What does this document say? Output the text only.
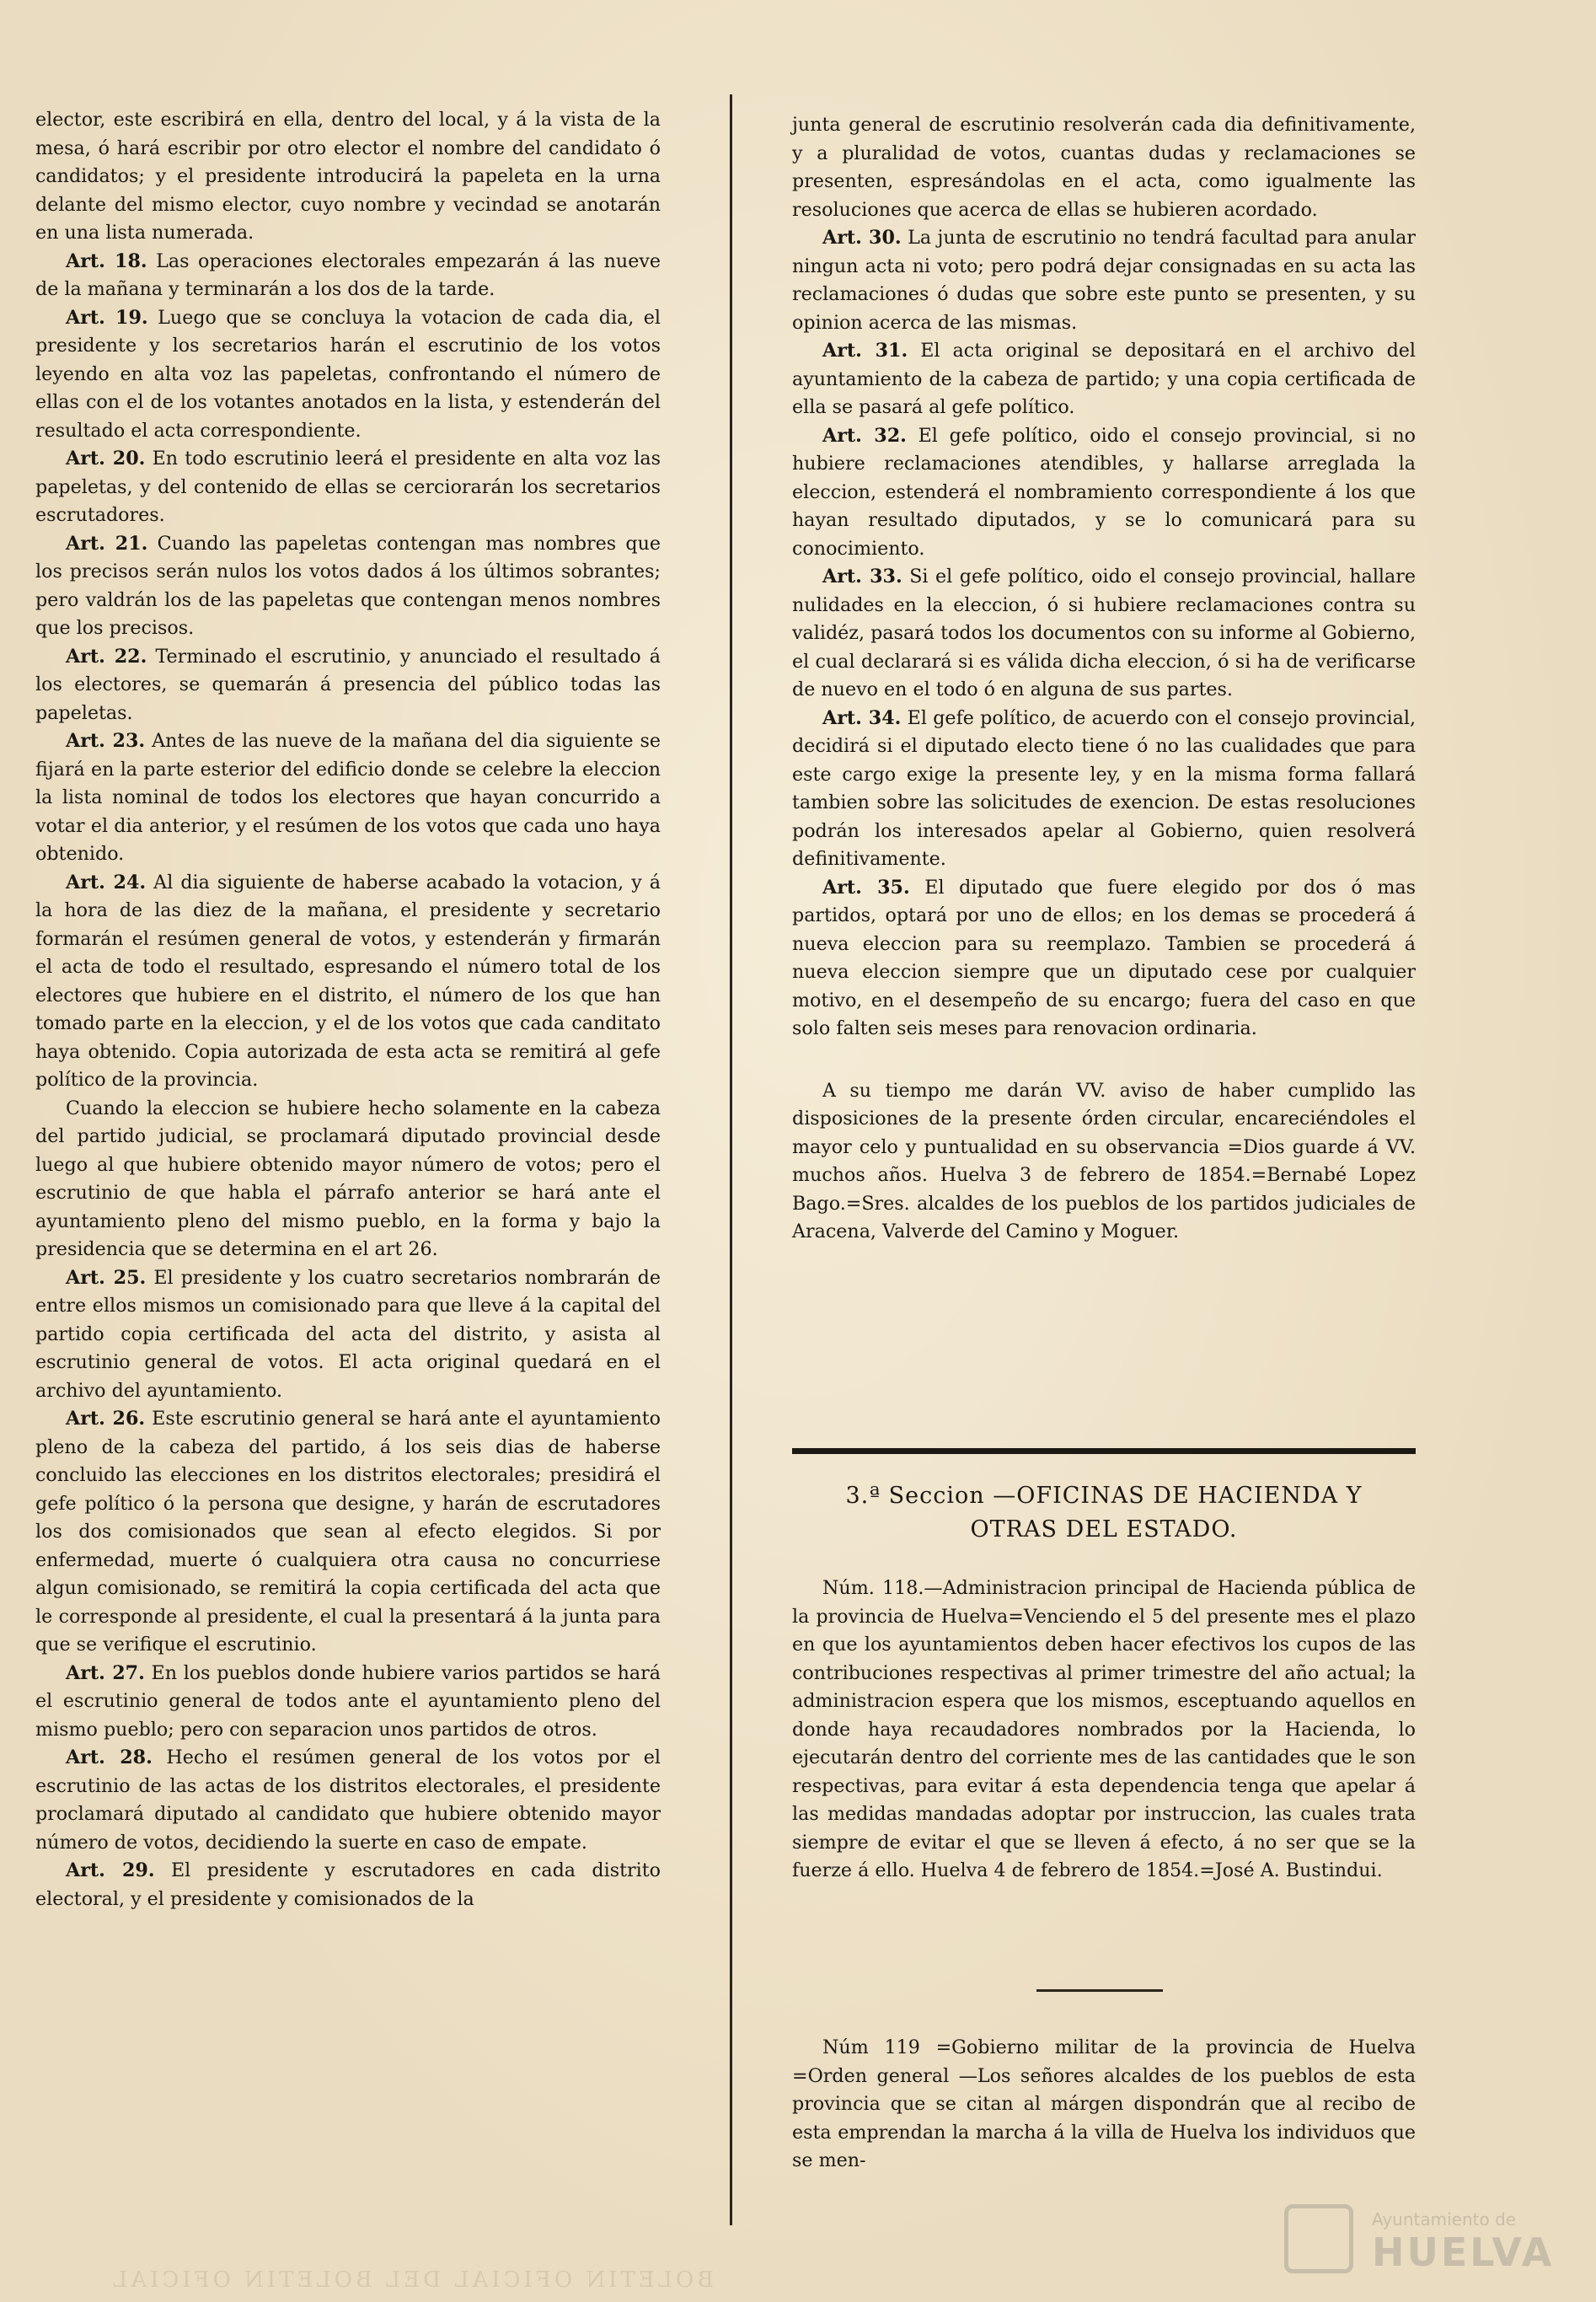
BOLETIN OFICIAL DEL BOLETIN OFICIAL

elector, este escribirá en ella, dentro del local, y á la vista de la mesa, ó hará escribir por otro elector el nombre del candidato ó candidatos; y el presidente introducirá la papeleta en la urna delante del mismo elector, cuyo nombre y vecindad se anotarán en una lista numerada.

Art. 18. Las operaciones electorales empezarán á las nueve de la mañana y terminarán a los dos de la tarde.

Art. 19. Luego que se concluya la votacion de cada dia, el presidente y los secretarios harán el escrutinio de los votos leyendo en alta voz las papeletas, confrontando el número de ellas con el de los votantes anotados en la lista, y estenderán del resultado el acta correspondiente.

Art. 20. En todo escrutinio leerá el presidente en alta voz las papeletas, y del contenido de ellas se cerciorarán los secretarios escrutadores.

Art. 21. Cuando las papeletas contengan mas nombres que los precisos serán nulos los votos dados á los últimos sobrantes; pero valdrán los de las papeletas que contengan menos nombres que los precisos.

Art. 22. Terminado el escrutinio, y anunciado el resultado á los electores, se quemarán á presencia del público todas las papeletas.

Art. 23. Antes de las nueve de la mañana del dia siguiente se fijará en la parte esterior del edificio donde se celebre la eleccion la lista nominal de todos los electores que hayan concurrido a votar el dia anterior, y el resúmen de los votos que cada uno haya obtenido.

Art. 24. Al dia siguiente de haberse acabado la votacion, y á la hora de las diez de la mañana, el presidente y secretario formarán el resúmen general de votos, y estenderán y firmarán el acta de todo el resultado, espresando el número total de los electores que hubiere en el distrito, el número de los que han tomado parte en la eleccion, y el de los votos que cada canditato haya obtenido. Copia autorizada de esta acta se remitirá al gefe político de la provincia.

Cuando la eleccion se hubiere hecho solamente en la cabeza del partido judicial, se proclamará diputado provincial desde luego al que hubiere obtenido mayor número de votos; pero el escrutinio de que habla el párrafo anterior se hará ante el ayuntamiento pleno del mismo pueblo, en la forma y bajo la presidencia que se determina en el art 26.

Art. 25. El presidente y los cuatro secretarios nombrarán de entre ellos mismos un comisionado para que lleve á la capital del partido copia certificada del acta del distrito, y asista al escrutinio general de votos. El acta original quedará en el archivo del ayuntamiento.

Art. 26. Este escrutinio general se hará ante el ayuntamiento pleno de la cabeza del partido, á los seis dias de haberse concluido las elecciones en los distritos electorales; presidirá el gefe político ó la persona que designe, y harán de escrutadores los dos comisionados que sean al efecto elegidos. Si por enfermedad, muerte ó cualquiera otra causa no concurriese algun comisionado, se remitirá la copia certificada del acta que le corresponde al presidente, el cual la presentará á la junta para que se verifique el escrutinio.

Art. 27. En los pueblos donde hubiere varios partidos se hará el escrutinio general de todos ante el ayuntamiento pleno del mismo pueblo; pero con separacion unos partidos de otros.

Art. 28. Hecho el resúmen general de los votos por el escrutinio de las actas de los distritos electorales, el presidente proclamará diputado al candidato que hubiere obtenido mayor número de votos, decidiendo la suerte en caso de empate.

Art. 29. El presidente y escrutadores en cada distrito electoral, y el presidente y comisionados de la

junta general de escrutinio resolverán cada dia definitivamente, y a pluralidad de votos, cuantas dudas y reclamaciones se presenten, espresándolas en el acta, como igualmente las resoluciones que acerca de ellas se hubieren acordado.

Art. 30. La junta de escrutinio no tendrá facultad para anular ningun acta ni voto; pero podrá dejar consignadas en su acta las reclamaciones ó dudas que sobre este punto se presenten, y su opinion acerca de las mismas.

Art. 31. El acta original se depositará en el archivo del ayuntamiento de la cabeza de partido; y una copia certificada de ella se pasará al gefe político.

Art. 32. El gefe político, oido el consejo provincial, si no hubiere reclamaciones atendibles, y hallarse arreglada la eleccion, estenderá el nombramiento correspondiente á los que hayan resultado diputados, y se lo comunicará para su conocimiento.

Art. 33. Si el gefe político, oido el consejo provincial, hallare nulidades en la eleccion, ó si hubiere reclamaciones contra su validéz, pasará todos los documentos con su informe al Gobierno, el cual declarará si es válida dicha eleccion, ó si ha de verificarse de nuevo en el todo ó en alguna de sus partes.

Art. 34. El gefe político, de acuerdo con el consejo provincial, decidirá si el diputado electo tiene ó no las cualidades que para este cargo exige la presente ley, y en la misma forma fallará tambien sobre las solicitudes de exencion. De estas resoluciones podrán los interesados apelar al Gobierno, quien resolverá definitivamente.

Art. 35. El diputado que fuere elegido por dos ó mas partidos, optará por uno de ellos; en los demas se procederá á nueva eleccion para su reemplazo. Tambien se procederá á nueva eleccion siempre que un diputado cese por cualquier motivo, en el desempeño de su encargo; fuera del caso en que solo falten seis meses para renovacion ordinaria.

A su tiempo me darán VV. aviso de haber cumplido las disposiciones de la presente órden circular, encareciéndoles el mayor celo y puntualidad en su observancia =Dios guarde á VV. muchos años. Huelva 3 de febrero de 1854.=Bernabé Lopez Bago.=Sres. alcaldes de los pueblos de los partidos judiciales de Aracena, Valverde del Camino y Moguer.

3.ª Seccion —OFICINAS DE HACIENDA Y
OTRAS DEL ESTADO.

Núm. 118.—Administracion principal de Hacienda pública de la provincia de Huelva=Venciendo el 5 del presente mes el plazo en que los ayuntamientos deben hacer efectivos los cupos de las contribuciones respectivas al primer trimestre del año actual; la administracion espera que los mismos, esceptuando aquellos en donde haya recaudadores nombrados por la Hacienda, lo ejecutarán dentro del corriente mes de las cantidades que le son respectivas, para evitar á esta dependencia tenga que apelar á las medidas mandadas adoptar por instruccion, las cuales trata siempre de evitar el que se lleven á efecto, á no ser que se la fuerze á ello. Huelva 4 de febrero de 1854.=José A. Bustindui.

Núm 119 =Gobierno militar de la provincia de Huelva =Orden general —Los señores alcaldes de los pueblos de esta provincia que se citan al márgen dispondrán que al recibo de esta emprendan la marcha á la villa de Huelva los individuos que se men-

Ayuntamiento de
HUELVA
